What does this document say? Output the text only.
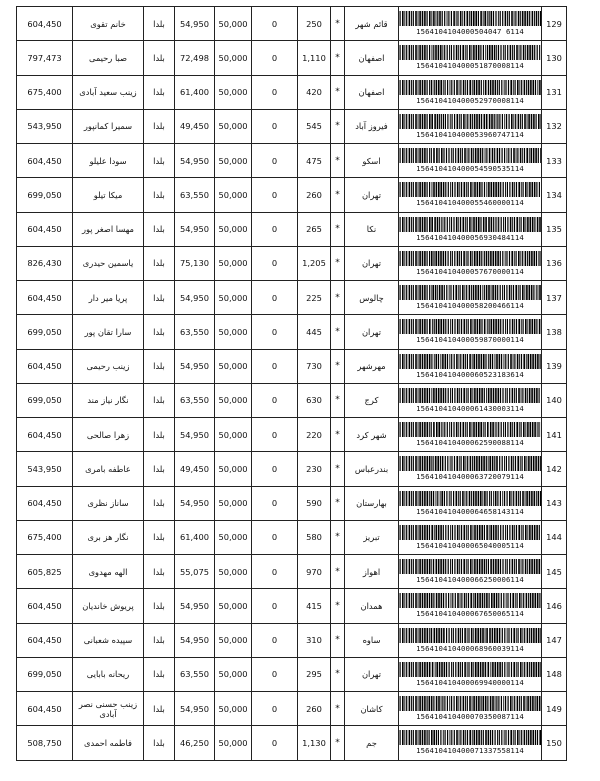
604,450	خانم تقوی	بلدا	54,950	50,000	0	250	*	قائم شهر	1564104104000504047 6114	129
797,473	صبا رحیمی	بلدا	72,498	50,000	0	1,110	*	اصفهان	156410410400051870008114	130
675,400	زینب سعید آبادی	بلدا	61,400	50,000	0	420	*	اصفهان	156410410400052970008114	131
543,950	سمیرا کمانپور	بلدا	49,450	50,000	0	545	*	فیروز آباد	156410410400053960747114	132
604,450	سودا علیلو	بلدا	54,950	50,000	0	475	*	اسکو	156410410400054590535114	133
699,050	میکا تیلو	بلدا	63,550	50,000	0	260	*	تهران	156410410400055460000114	134
604,450	مهسا اصغر پور	بلدا	54,950	50,000	0	265	*	نکا	156410410400056930484114	135
826,430	یاسمین حیدری	بلدا	75,130	50,000	0	1,205	*	تهران	156410410400057670000114	136
604,450	پریا میر دار	بلدا	54,950	50,000	0	225	*	چالوس	156410410400058200466114	137
699,050	سارا تقان پور	بلدا	63,550	50,000	0	445	*	تهران	156410410400059870000114	138
604,450	زینب رحیمی	بلدا	54,950	50,000	0	730	*	مهرشهر	156410410400060523183614	139
699,050	نگار نیاز مند	بلدا	63,550	50,000	0	630	*	کرج	156410410400061430003114	140
604,450	زهرا صالحی	بلدا	54,950	50,000	0	220	*	شهر کرد	156410410400062590088114	141
543,950	عاطفه بامری	بلدا	49,450	50,000	0	230	*	بندرعباس	156410410400063720079114	142
604,450	ساناز نظری	بلدا	54,950	50,000	0	590	*	بهارستان	156410410400064658143114	143
675,400	نگار هز بری	بلدا	61,400	50,000	0	580	*	تبریز	156410410400065040005114	144
605,825	الهه مهدوی	بلدا	55,075	50,000	0	970	*	اهواز	156410410400066250006114	145
604,450	پریوش خاندیان	بلدا	54,950	50,000	0	415	*	همدان	156410410400067650065114	146
604,450	سپیده شعبانی	بلدا	54,950	50,000	0	310	*	ساوه	156410410400068960039114	147
699,050	ریحانه بابایی	بلدا	63,550	50,000	0	295	*	تهران	156410410400069940000114	148
604,450	زینب حسنی نصر آبادی	بلدا	54,950	50,000	0	260	*	کاشان	156410410400070350087114	149
508,750	فاطمه احمدی	بلدا	46,250	50,000	0	1,130	*	جم	156410410400071337558114	150
